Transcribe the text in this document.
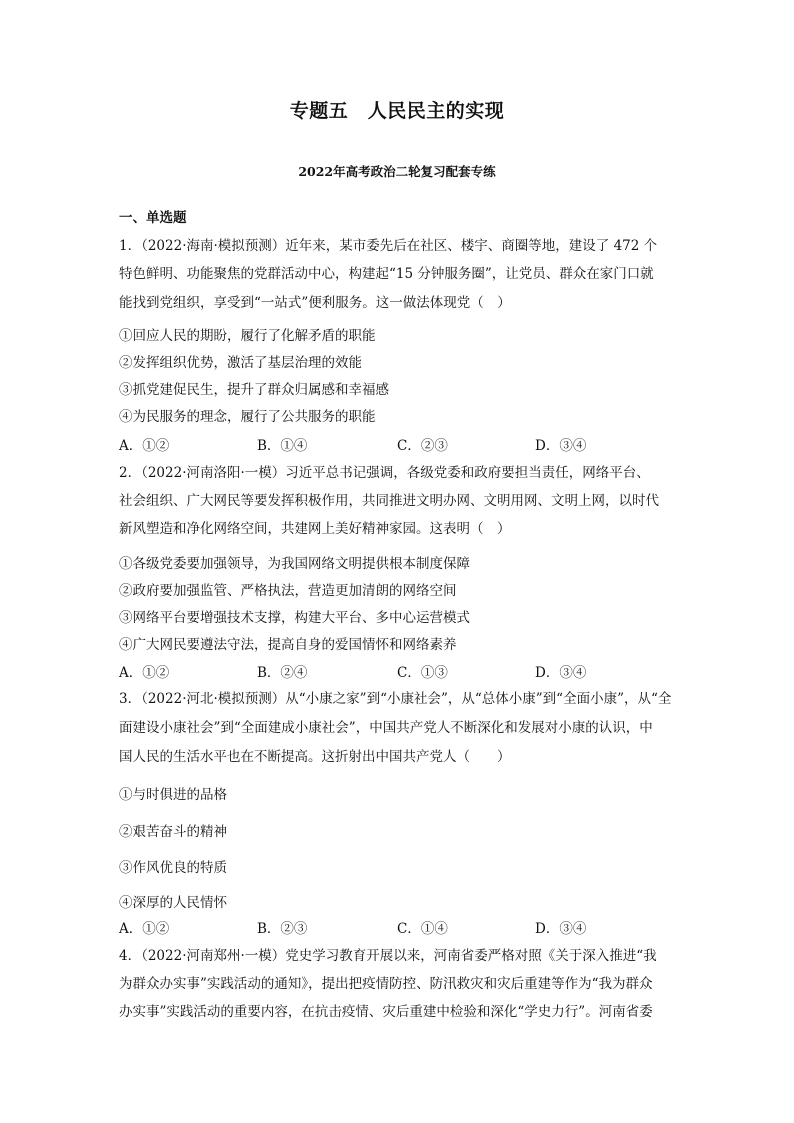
专题五　人民民主的实现
2022年高考政治二轮复习配套专练
一、单选题
1．（2022·海南·模拟预测）近年来，某市委先后在社区、楼宇、商圈等地，建设了 472 个
特色鲜明、功能聚焦的党群活动中心，构建起“15 分钟服务圈”，让党员、群众在家门口就
能找到党组织，享受到“一站式”便利服务。这一做法体现党（　）
①回应人民的期盼，履行了化解矛盾的职能
②发挥组织优势，激活了基层治理的效能
③抓党建促民生，提升了群众归属感和幸福感
④为民服务的理念，履行了公共服务的职能
A．①②	B．①④	C．②③	D．③④
2．（2022·河南洛阳·一模）习近平总书记强调，各级党委和政府要担当责任，网络平台、
社会组织、广大网民等要发挥积极作用，共同推进文明办网、文明用网、文明上网，以时代
新风塑造和净化网络空间，共建网上美好精神家园。这表明（　）
①各级党委要加强领导，为我国网络文明提供根本制度保障
②政府要加强监管、严格执法，营造更加清朗的网络空间
③网络平台要增强技术支撑，构建大平台、多中心运营模式
④广大网民要遵法守法，提高自身的爱国情怀和网络素养
A．①②	B．②④	C．①③	D．③④
3．（2022·河北·模拟预测）从“小康之家”到“小康社会”，从“总体小康”到“全面小康”，从“全
面建设小康社会”到“全面建成小康社会”，中国共产党人不断深化和发展对小康的认识，中
国人民的生活水平也在不断提高。这折射出中国共产党人（　　）
①与时俱进的品格
②艰苦奋斗的精神
③作风优良的特质
④深厚的人民情怀
A．①②	B．②③	C．①④	D．③④
4．（2022·河南郑州·一模）党史学习教育开展以来，河南省委严格对照《关于深入推进“我
为群众办实事”实践活动的通知》，提出把疫情防控、防汛救灾和灾后重建等作为“我为群众
办实事”实践活动的重要内容，在抗击疫情、灾后重建中检验和深化“学史力行”。河南省委
